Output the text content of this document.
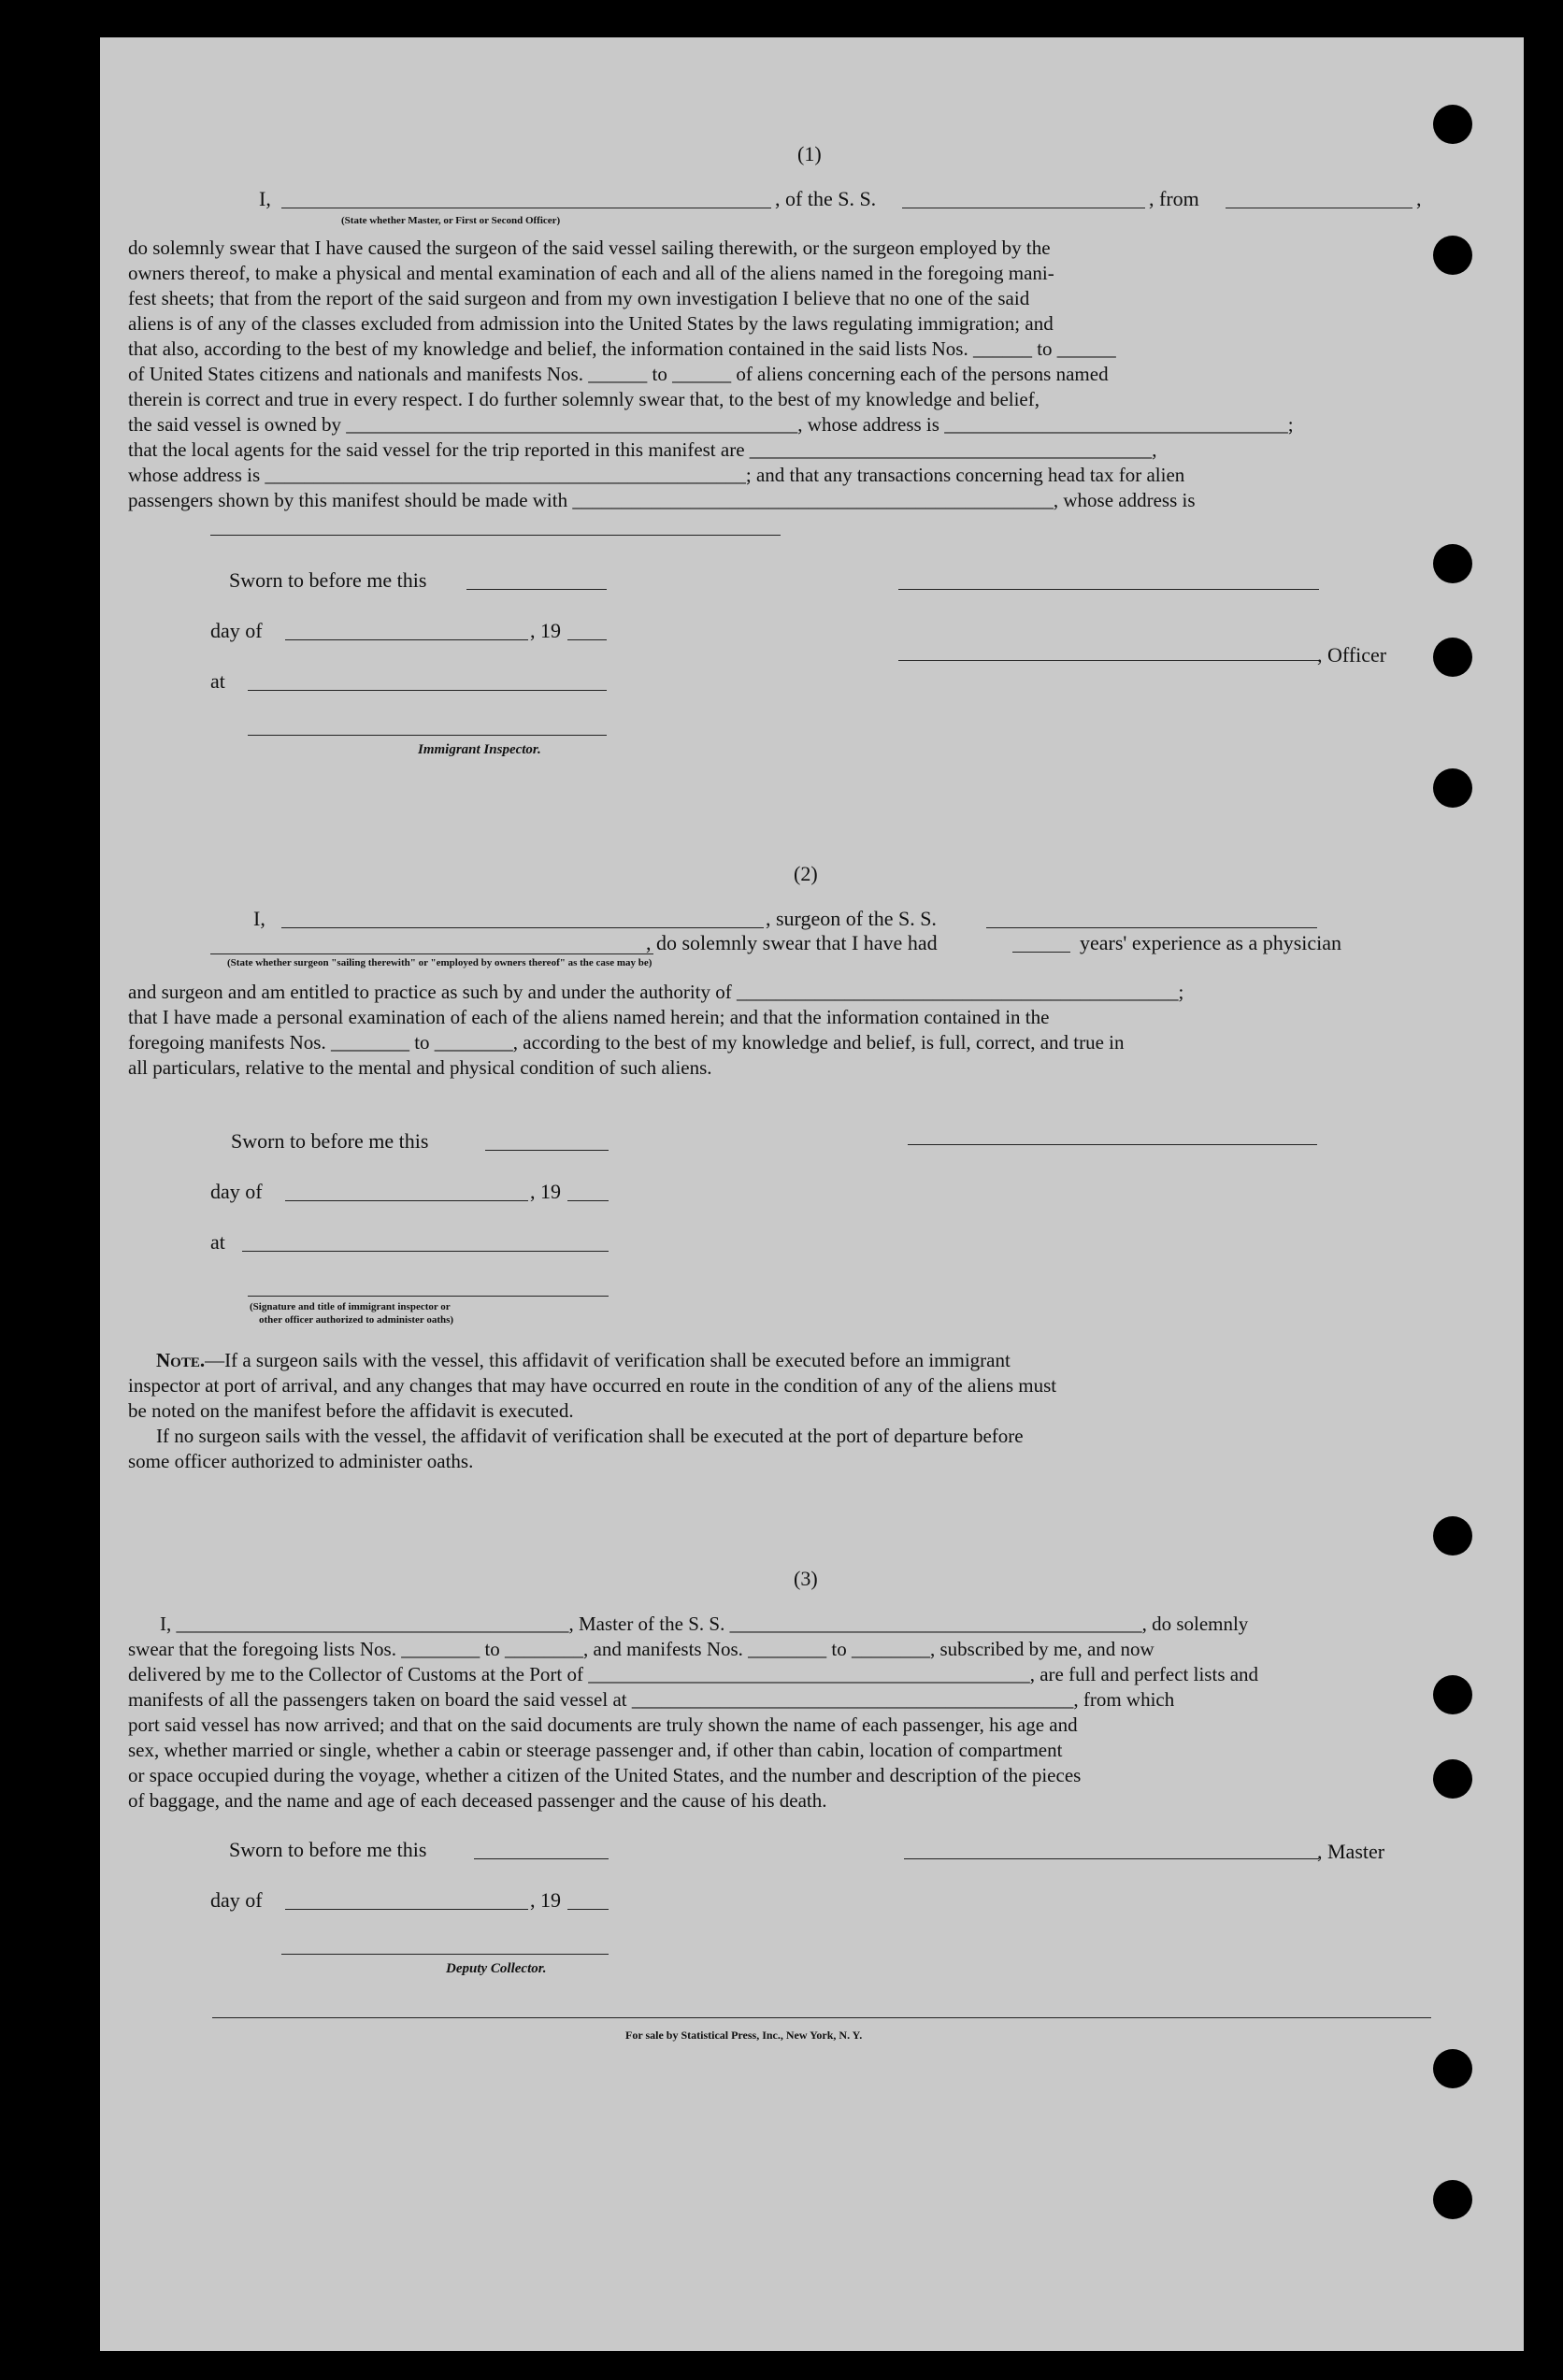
(1)
I,	, of the S. S.	, from	,
(State whether Master, or First or Second Officer)
do solemnly swear that I have caused the surgeon of the said vessel sailing therewith, or the surgeon employed by the
owners thereof, to make a physical and mental examination of each and all of the aliens named in the foregoing mani-
fest sheets; that from the report of the said surgeon and from my own investigation I believe that no one of the said
aliens is of any of the classes excluded from admission into the United States by the laws regulating immigration; and
that also, according to the best of my knowledge and belief, the information contained in the said lists Nos. ______ to ______
of United States citizens and nationals and manifests Nos. ______ to ______ of aliens concerning each of the persons named
therein is correct and true in every respect. I do further solemnly swear that, to the best of my knowledge and belief,
the said vessel is owned by ______________________________________________, whose address is ___________________________________;
that the local agents for the said vessel for the trip reported in this manifest are _________________________________________,
whose address is _________________________________________________; and that any transactions concerning head tax for alien
passengers shown by this manifest should be made with _________________________________________________, whose address is
Sworn to before me this
day of	, 19
, Officer
at
Immigrant Inspector.
(2)
I,	, surgeon of the S. S.
, do solemnly swear that I have had	years' experience as a physician
(State whether surgeon "sailing therewith" or "employed by owners thereof" as the case may be)
and surgeon and am entitled to practice as such by and under the authority of _____________________________________________;
that I have made a personal examination of each of the aliens named herein; and that the information contained in the
foregoing manifests Nos. ________ to ________, according to the best of my knowledge and belief, is full, correct, and true in
all particulars, relative to the mental and physical condition of such aliens.
Sworn to before me this
day of	, 19
at
(Signature and title of immigrant inspector or
other officer authorized to administer oaths)
Note.—If a surgeon sails with the vessel, this affidavit of verification shall be executed before an immigrant
inspector at port of arrival, and any changes that may have occurred en route in the condition of any of the aliens must
be noted on the manifest before the affidavit is executed.
If no surgeon sails with the vessel, the affidavit of verification shall be executed at the port of departure before
some officer authorized to administer oaths.
(3)
I, ________________________________________, Master of the S. S. __________________________________________, do solemnly
swear that the foregoing lists Nos. ________ to ________, and manifests Nos. ________ to ________, subscribed by me, and now
delivered by me to the Collector of Customs at the Port of _____________________________________________, are full and perfect lists and
manifests of all the passengers taken on board the said vessel at _____________________________________________, from which
port said vessel has now arrived; and that on the said documents are truly shown the name of each passenger, his age and
sex, whether married or single, whether a cabin or steerage passenger and, if other than cabin, location of compartment
or space occupied during the voyage, whether a citizen of the United States, and the number and description of the pieces
of baggage, and the name and age of each deceased passenger and the cause of his death.
Sworn to before me this	, Master
day of	, 19
Deputy Collector.
For sale by Statistical Press, Inc., New York, N. Y.
